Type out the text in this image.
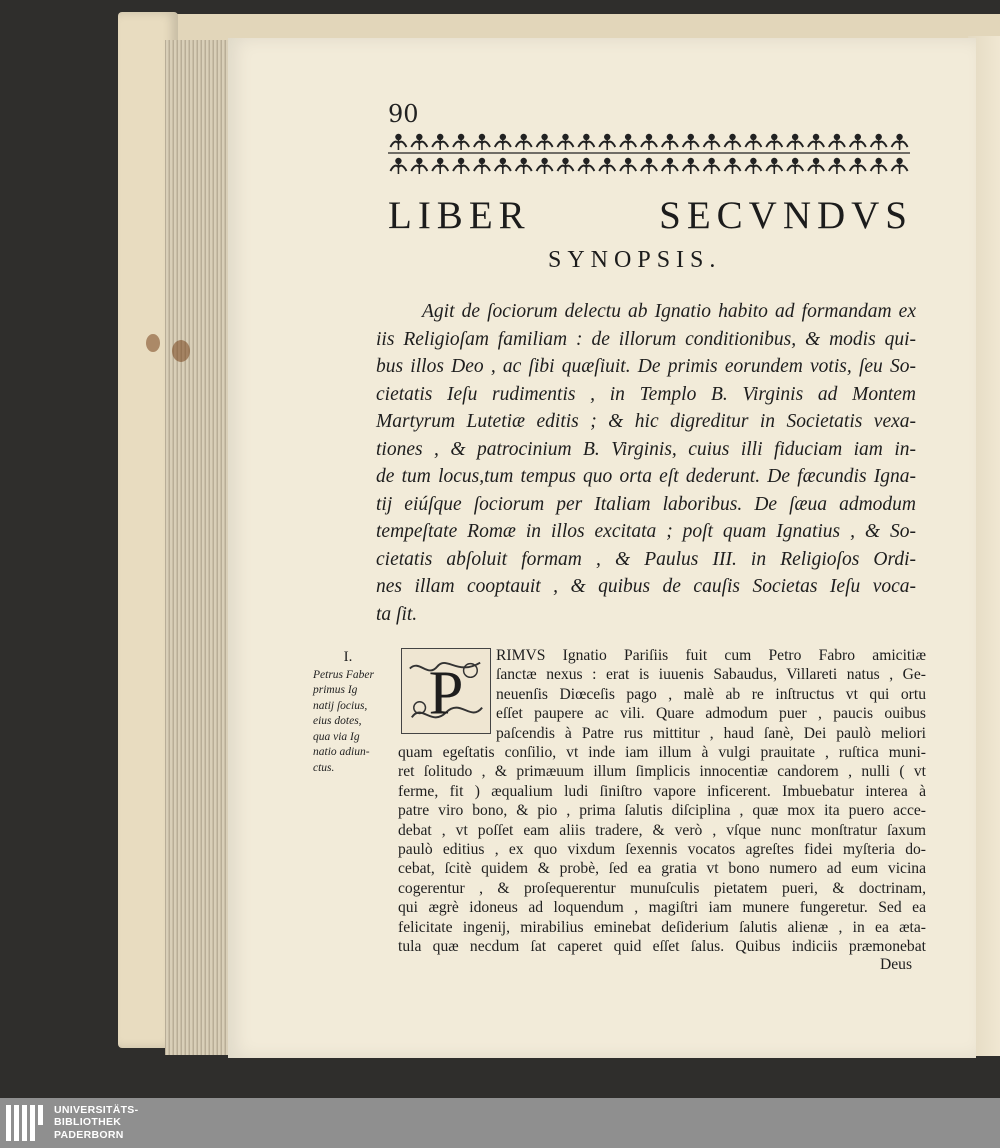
90
LIBER	SECVNDVS
SYNOPSIS.
Agit de ſociorum delectu ab Ignatio habito ad formandam ex
iis Religioſam familiam : de illorum conditionibus, & modis qui-
bus illos Deo , ac ſibi quæſiuit. De primis eorundem votis, ſeu So-
cietatis Ieſu rudimentis , in Templo B. Virginis ad Montem
Martyrum Lutetiæ editis ; & hic digreditur in Societatis vexa-
tiones , & patrocinium B. Virginis, cuius illi fiduciam iam in-
de tum locus,tum tempus quo orta eſt dederunt. De fæcundis Igna-
tij eiúſque ſociorum per Italiam laboribus. De ſæua admodum
tempeſtate Romæ in illos excitata ; poſt quam Ignatius , & So-
cietatis abſoluit formam , & Paulus III. in Religioſos Ordi-
nes illam cooptauit , & quibus de cauſis Societas Ieſu voca-
ta ſit.
I.
Petrus Faber
primus Ig
natij ſocius,
eius dotes,
qua via Ig
natio adiun-
ctus.
P
RIMVS Ignatio Pariſiis fuit cum Petro Fabro amicitiæ
ſanctæ nexus : erat is iuuenis Sabaudus, Villareti natus , Ge-
neuenſis Diœceſis pago , malè ab re inſtructus vt qui ortu
eſſet paupere ac vili. Quare admodum puer , paucis ouibus
paſcendis à Patre rus mittitur , haud ſanè, Dei paulò meliori
quam egeſtatis conſilio, vt inde iam illum à vulgi prauitate , ruſtica muni-
ret ſolitudo , & primæuum illum ſimplicis innocentiæ candorem , nulli ( vt
ferme, fit ) æqualium ludi ſiniſtro vapore inficerent. Imbuebatur interea à
patre viro bono, & pio , prima ſalutis diſciplina , quæ mox ita puero acce-
debat , vt poſſet eam aliis tradere, & verò , vſque nunc monſtratur ſaxum
paulò editius , ex quo vixdum ſexennis vocatos agreſtes fidei myſteria do-
cebat, ſcitè quidem & probè, ſed ea gratia vt bono numero ad eum vicina
cogerentur , & proſequerentur munuſculis pietatem pueri, & doctrinam,
qui ægrè idoneus ad loquendum , magiſtri iam munere fungeretur. Sed ea
felicitate ingenij, mirabilius eminebat deſiderium ſalutis alienæ , in ea æta-
tula quæ necdum ſat caperet quid eſſet ſalus. Quibus indiciis præmonebat
Deus
UNIVERSITÄTS-
BIBLIOTHEK
PADERBORN
